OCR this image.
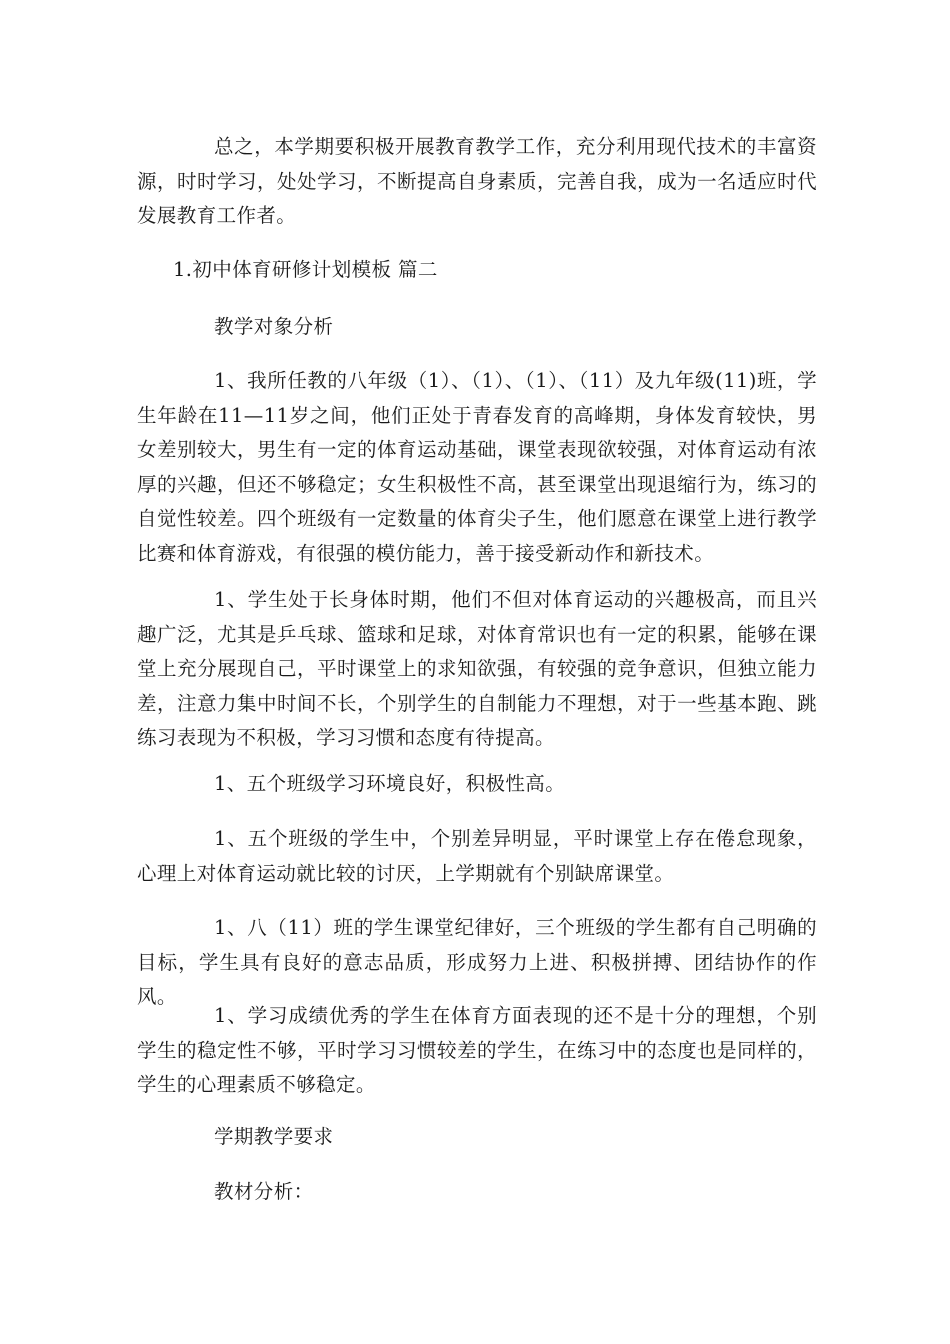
总之，本学期要积极开展教育教学工作，充分利用现代技术的丰富资源，时时学习，处处学习，不断提高自身素质，完善自我，成为一名适应时代发展教育工作者。

1.初中体育研修计划模板 篇二

教学对象分析

1、我所任教的八年级（1）、（1）、（1）、（11）及九年级(11)班，学生年龄在11—11岁之间，他们正处于青春发育的高峰期，身体发育较快，男女差别较大，男生有一定的体育运动基础，课堂表现欲较强，对体育运动有浓厚的兴趣，但还不够稳定；女生积极性不高，甚至课堂出现退缩行为，练习的自觉性较差。四个班级有一定数量的体育尖子生，他们愿意在课堂上进行教学比赛和体育游戏，有很强的模仿能力，善于接受新动作和新技术。

1、学生处于长身体时期，他们不但对体育运动的兴趣极高，而且兴趣广泛，尤其是乒乓球、篮球和足球，对体育常识也有一定的积累，能够在课堂上充分展现自己，平时课堂上的求知欲强，有较强的竞争意识，但独立能力差，注意力集中时间不长，个别学生的自制能力不理想，对于一些基本跑、跳练习表现为不积极，学习习惯和态度有待提高。

1、五个班级学习环境良好，积极性高。

1、五个班级的学生中，个别差异明显，平时课堂上存在倦怠现象，心理上对体育运动就比较的讨厌，上学期就有个别缺席课堂。

1、八（11）班的学生课堂纪律好，三个班级的学生都有自己明确的目标，学生具有良好的意志品质，形成努力上进、积极拼搏、团结协作的作风。

1、学习成绩优秀的学生在体育方面表现的还不是十分的理想，个别学生的稳定性不够，平时学习习惯较差的学生，在练习中的态度也是同样的，学生的心理素质不够稳定。

学期教学要求

教材分析：
